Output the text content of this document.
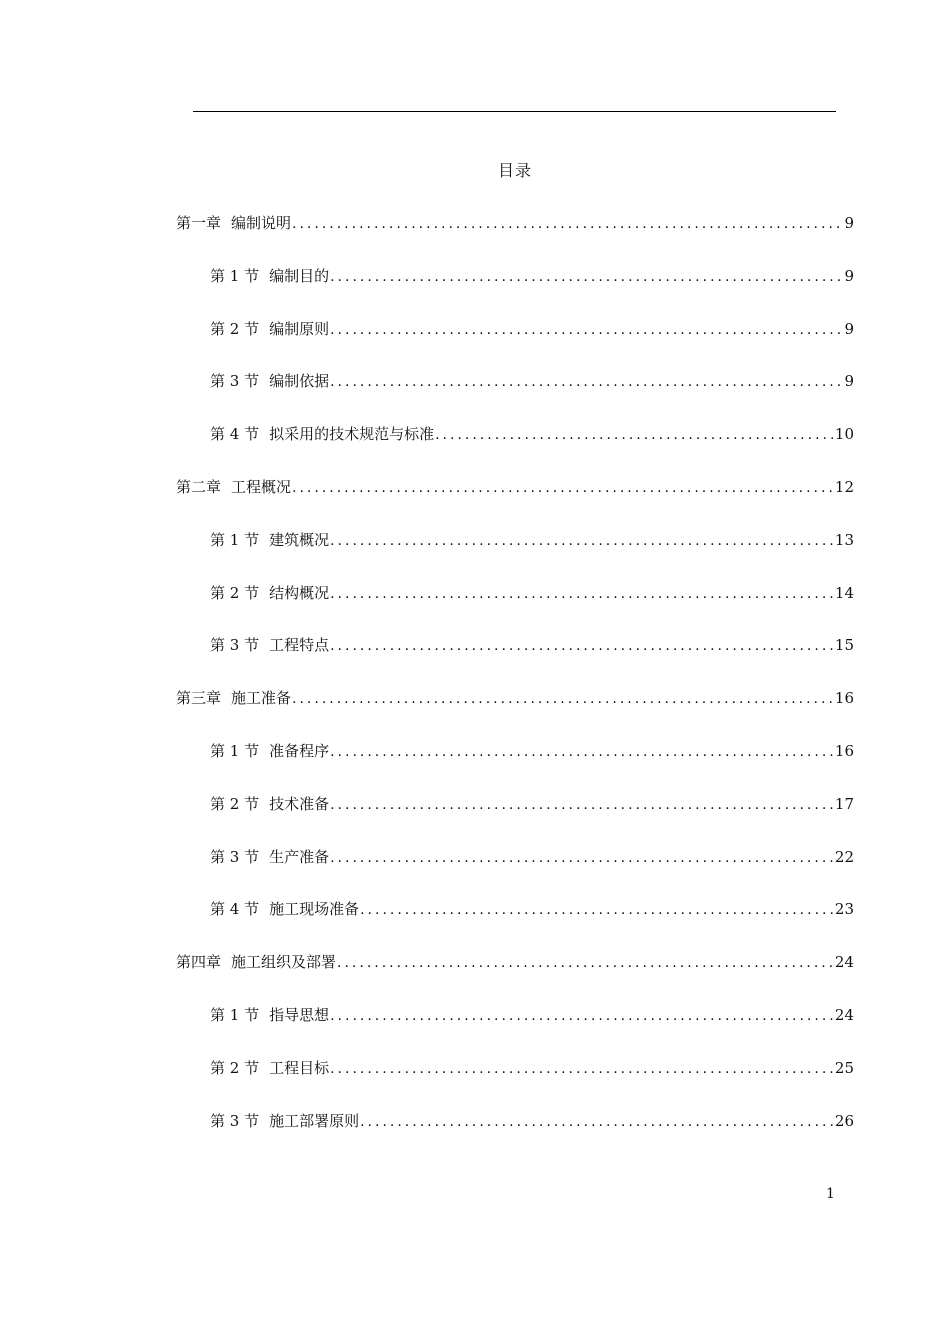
目录
第一章 编制说明 .....	9
第 1 节 编制目的 .....	9
第 2 节 编制原则 .....	9
第 3 节 编制依据 .....	9
第 4 节 拟采用的技术规范与标准 .....	10
第二章 工程概况 .....	12
第 1 节 建筑概况 .....	13
第 2 节 结构概况 .....	14
第 3 节 工程特点 .....	15
第三章 施工准备 .....	16
第 1 节 准备程序 .....	16
第 2 节 技术准备 .....	17
第 3 节 生产准备 .....	22
第 4 节 施工现场准备 .....	23
第四章 施工组织及部署 .....	24
第 1 节 指导思想 .....	24
第 2 节 工程目标 .....	25
第 3 节 施工部署原则 .....	26
1
